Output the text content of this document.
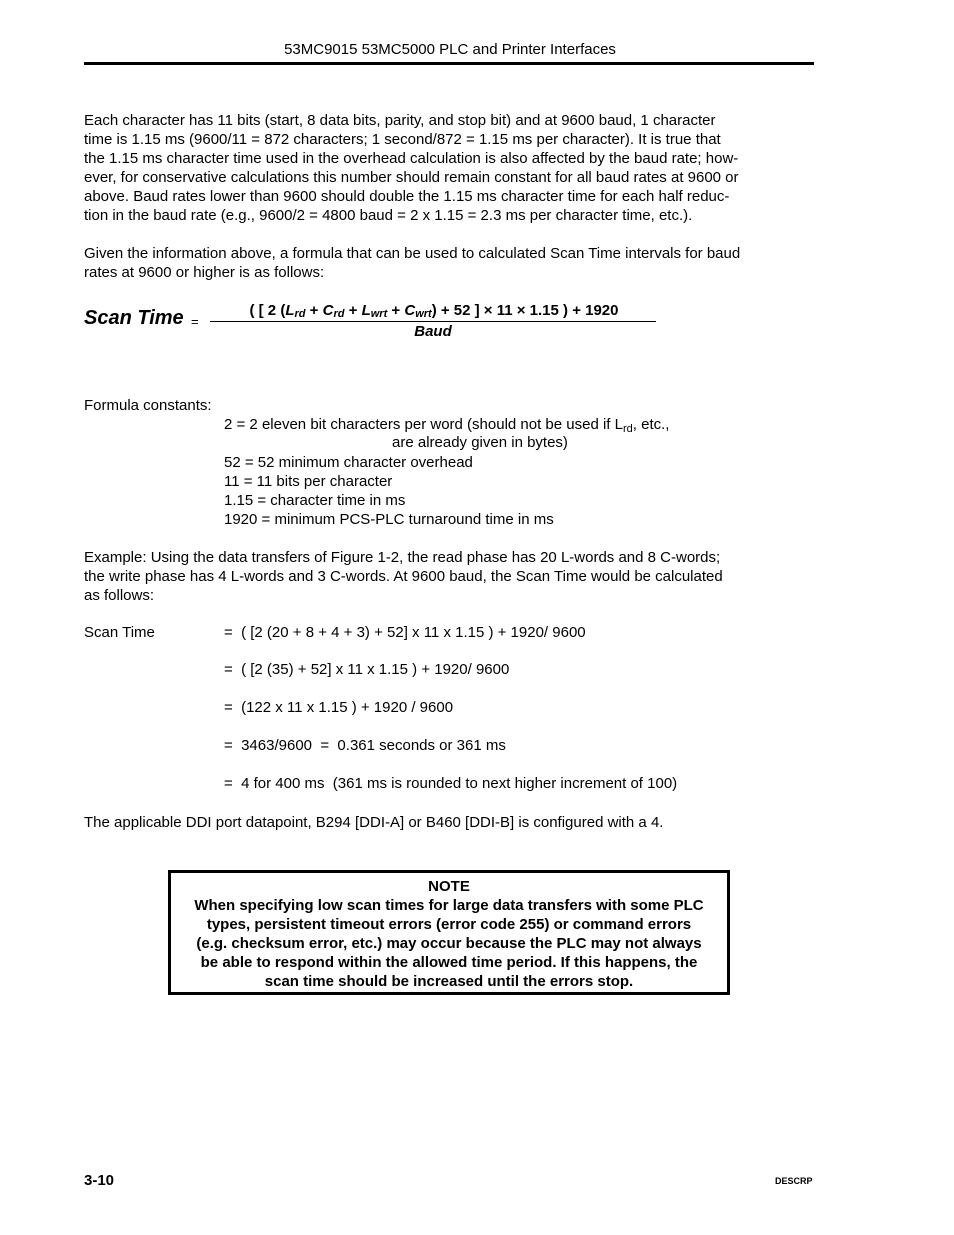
53MC9015 53MC5000 PLC and Printer Interfaces
Each character has 11 bits (start, 8 data bits, parity, and stop bit) and at 9600 baud, 1 character
time is 1.15 ms (9600/11 = 872 characters; 1 second/872 = 1.15 ms per character). It is true that
the 1.15 ms character time used in the overhead calculation is also affected by the baud rate; how-
ever, for conservative calculations this number should remain constant for all baud rates at 9600 or
above. Baud rates lower than 9600 should double the 1.15 ms character time for each half reduc-
tion in the baud rate (e.g., 9600/2 = 4800 baud = 2 x 1.15 = 2.3 ms per character time, etc.).
Given the information above, a formula that can be used to calculated Scan Time intervals for baud
rates at 9600 or higher is as follows:
Scan Time =
( [ 2 $(L_{rd} + C_{rd} + L_{wrt} + C_{wrt}) + 52$ ] × 11 × 1.15 ) + 1920
Baud
Formula constants:
2 = 2 eleven bit characters per word (should not be used if $L_{rd}$, etc.,
are already given in bytes)
52 = 52 minimum character overhead
11 = 11 bits per character
1.15 = character time in ms
1920 = minimum PCS-PLC turnaround time in ms
Example: Using the data transfers of Figure 1-2, the read phase has 20 L-words and 8 C-words;
the write phase has 4 L-words and 3 C-words. At 9600 baud, the Scan Time would be calculated
as follows:
Scan Time	=  ( [2 (20 + 8 + 4 + 3) + 52] x 11 x 1.15 ) + 1920/ 9600
=  ( [2 (35) + 52] x 11 x 1.15 ) + 1920/ 9600
=  (122 x 11 x 1.15 ) + 1920 / 9600
=  3463/9600  =  0.361 seconds or 361 ms
=  4 for 400 ms  (361 ms is rounded to next higher increment of 100)
The applicable DDI port datapoint, B294 [DDI-A] or B460 [DDI-B] is configured with a 4.
NOTE
When specifying low scan times for large data transfers with some PLC
types, persistent timeout errors (error code 255) or command errors
(e.g. checksum error, etc.) may occur because the PLC may not always
be able to respond within the allowed time period. If this happens, the
scan time should be increased until the errors stop.
3-10	DESCRP
